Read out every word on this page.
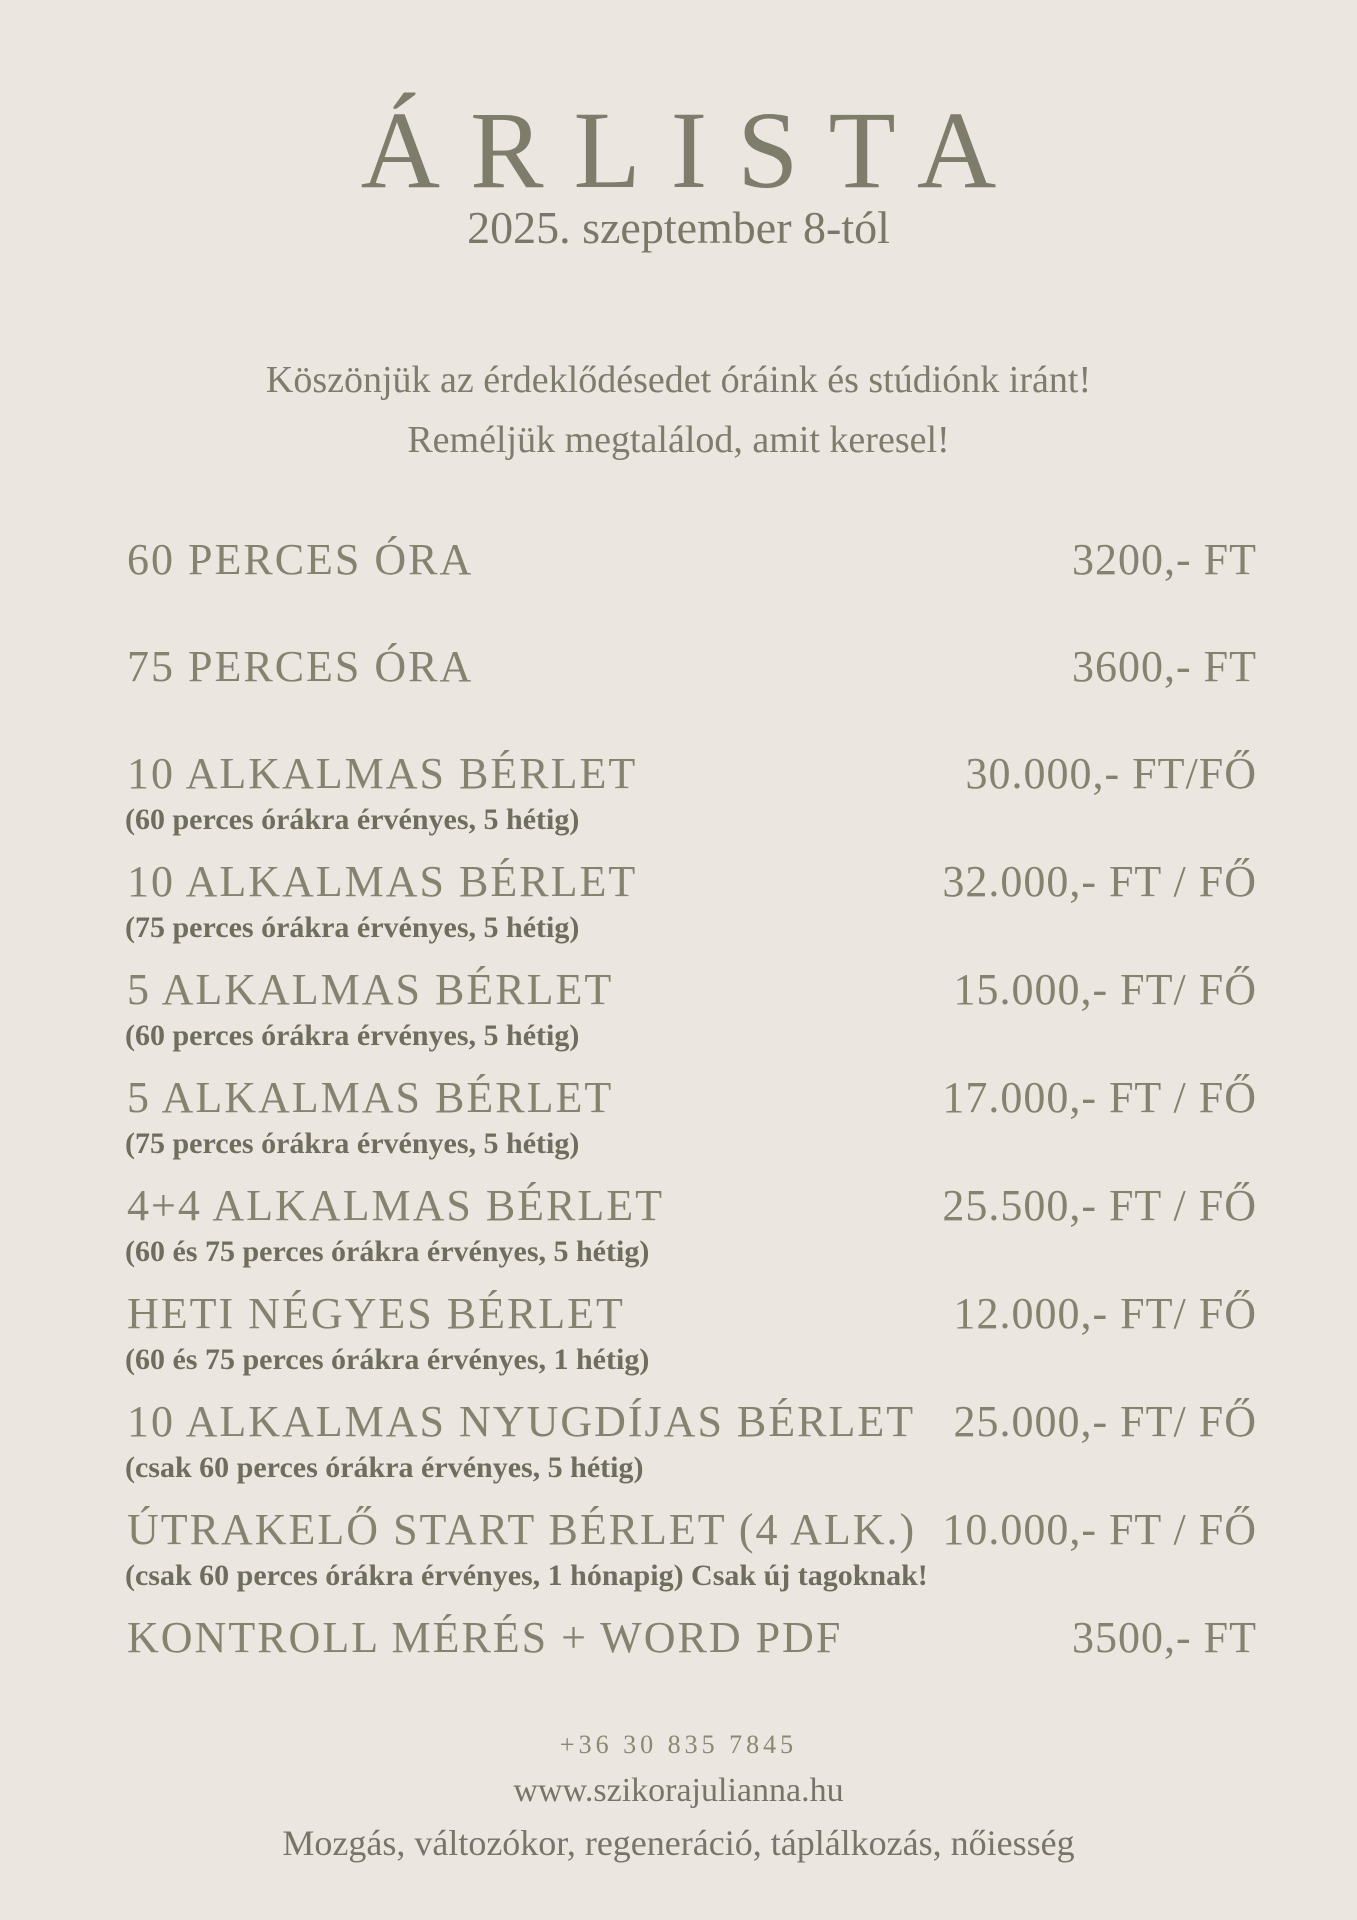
ÁRLISTA
2025. szeptember 8-tól
Köszönjük az érdeklődésedet óráink és stúdiónk iránt!
Reméljük megtalálod, amit keresel!
60 PERCES ÓRA	3200,- FT
75 PERCES ÓRA	3600,- FT
10 ALKALMAS BÉRLET	30.000,- FT/FŐ
(60 perces órákra érvényes, 5 hétig)
10 ALKALMAS BÉRLET	32.000,- FT / FŐ
(75 perces órákra érvényes, 5 hétig)
5 ALKALMAS BÉRLET	15.000,- FT/ FŐ
(60 perces órákra érvényes, 5 hétig)
5 ALKALMAS BÉRLET	17.000,- FT / FŐ
(75 perces órákra érvényes, 5 hétig)
4+4 ALKALMAS BÉRLET	25.500,- FT / FŐ
(60 és 75 perces órákra érvényes, 5 hétig)
HETI NÉGYES BÉRLET	12.000,- FT/ FŐ
(60 és 75 perces órákra érvényes, 1 hétig)
10 ALKALMAS NYUGDÍJAS BÉRLET 25.000,- FT/ FŐ
(csak 60 perces órákra érvényes, 5 hétig)
ÚTRAKELŐ START BÉRLET (4 ALK.) 10.000,- FT / FŐ
(csak 60 perces órákra érvényes, 1 hónapig) Csak új tagoknak!
KONTROLL MÉRÉS + WORD PDF	3500,- FT
+36 30 835 7845
www.szikorajulianna.hu
Mozgás, változókor, regeneráció, táplálkozás, nőiesség
